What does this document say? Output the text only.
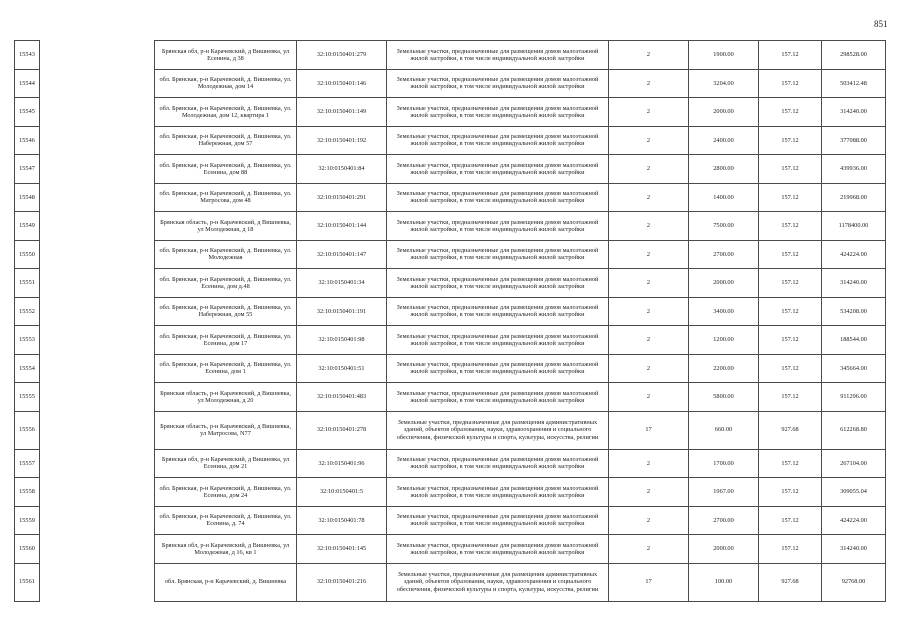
851
15543		Брянская обл, р-н Карачевский, д Вишневка, ул Есенина, д 38	32:10:0150401:279	Земельные участки, предназначенные для размещения домов малоэтажной жилой застройки, в том числе индивидуальной жилой застройки	2	1900.00	157.12	298528.00
15544		обл. Брянская, р-н Карачевский, д. Вишневка, ул. Молодежная, дом 14	32:10:0150401:146	Земельные участки, предназначенные для размещения домов малоэтажной жилой застройки, в том числе индивидуальной жилой застройки	2	3204.00	157.12	503412.48
15545		обл. Брянская, р-н Карачевский, д. Вишневка, ул. Молодежная, дом 12, квартира 1	32:10:0150401:149	Земельные участки, предназначенные для размещения домов малоэтажной жилой застройки, в том числе индивидуальной жилой застройки	2	2000.00	157.12	314240.00
15546		обл. Брянская, р-н Карачевский, д. Вишневка, ул. Набережная, дом 57	32:10:0150401:192	Земельные участки, предназначенные для размещения домов малоэтажной жилой застройки, в том числе индивидуальной жилой застройки	2	2400.00	157.12	377088.00
15547		обл. Брянская, р-н Карачевский, д. Вишневка, ул. Есенина, дом 88	32:10:0150401:84	Земельные участки, предназначенные для размещения домов малоэтажной жилой застройки, в том числе индивидуальной жилой застройки	2	2800.00	157.12	439936.00
15548		обл. Брянская, р-н Карачевский, д. Вишневка, ул. Матросова, дом 48	32:10:0150401:291	Земельные участки, предназначенные для размещения домов малоэтажной жилой застройки, в том числе индивидуальной жилой застройки	2	1400.00	157.12	219968.00
15549		Брянская область, р-н Карачевский, д Вишневка, ул Молодежная, д 18	32:10:0150401:144	Земельные участки, предназначенные для размещения домов малоэтажной жилой застройки, в том числе индивидуальной жилой застройки	2	7500.00	157.12	1178400.00
15550		обл. Брянская, р-н Карачевский, д. Вишневка, ул. Молодежная	32:10:0150401:147	Земельные участки, предназначенные для размещения домов малоэтажной жилой застройки, в том числе индивидуальной жилой застройки	2	2700.00	157.12	424224.00
15551		обл. Брянская, р-н Карачевский, д. Вишневка, ул. Есенина, дом д.48	32:10:0150401:34	Земельные участки, предназначенные для размещения домов малоэтажной жилой застройки, в том числе индивидуальной жилой застройки	2	2000.00	157.12	314240.00
15552		обл. Брянская, р-н Карачевский, д. Вишневка, ул. Набережная, дом 55	32:10:0150401:191	Земельные участки, предназначенные для размещения домов малоэтажной жилой застройки, в том числе индивидуальной жилой застройки	2	3400.00	157.12	534208.00
15553		обл. Брянская, р-н Карачевский, д. Вишневка, ул. Есенина, дом 17	32:10:0150401:98	Земельные участки, предназначенные для размещения домов малоэтажной жилой застройки, в том числе индивидуальной жилой застройки	2	1200.00	157.12	188544.00
15554		обл. Брянская, р-н Карачевский, д. Вишневка, ул. Есенина, дом 1	32:10:0150401:51	Земельные участки, предназначенные для размещения домов малоэтажной жилой застройки, в том числе индивидуальной жилой застройки	2	2200.00	157.12	345664.00
15555		Брянская область, р-н Карачевский, д Вишневка, ул Молодежная, д 20	32:10:0150401:483	Земельные участки, предназначенные для размещения домов малоэтажной жилой застройки, в том числе индивидуальной жилой застройки	2	5800.00	157.12	911296.00
15556		Брянская область, р-н Карачевский, д Вишневка, ул Матросова, N77	32:10:0150401:278	Земельные участки, предназначенные для размещения административных зданий, объектов образования, науки, здравоохранения и социального обеспечения, физической культуры и спорта, культуры, искусства, религии	17	660.00	927.68	612268.80
15557		Брянская обл, р-н Карачевский, д Вишневка, ул Есенина, дом 21	32:10:0150401:96	Земельные участки, предназначенные для размещения домов малоэтажной жилой застройки, в том числе индивидуальной жилой застройки	2	1700.00	157.12	267104.00
15558		обл. Брянская, р-н Карачевский, д. Вишневка, ул. Есенина, дом 24	32:10:0150401:5	Земельные участки, предназначенные для размещения домов малоэтажной жилой застройки, в том числе индивидуальной жилой застройки	2	1967.00	157.12	309055.04
15559		обл. Брянская, р-н Карачевский, д. Вишневка, ул. Есенина, д. 74	32:10:0150401:78	Земельные участки, предназначенные для размещения домов малоэтажной жилой застройки, в том числе индивидуальной жилой застройки	2	2700.00	157.12	424224.00
15560		Брянская обл, р-н Карачевский, д Вишневка, ул Молодежная, д 16, кв 1	32:10:0150401:145	Земельные участки, предназначенные для размещения домов малоэтажной жилой застройки, в том числе индивидуальной жилой застройки	2	2000.00	157.12	314240.00
15561		обл. Брянская, р-н Карачевский, д. Вишневка	32:10:0150401:216	Земельные участки, предназначенные для размещения административных зданий, объектов образования, науки, здравоохранения и социального обеспечения, физической культуры и спорта, культуры, искусства, религии	17	100.00	927.68	92768.00
